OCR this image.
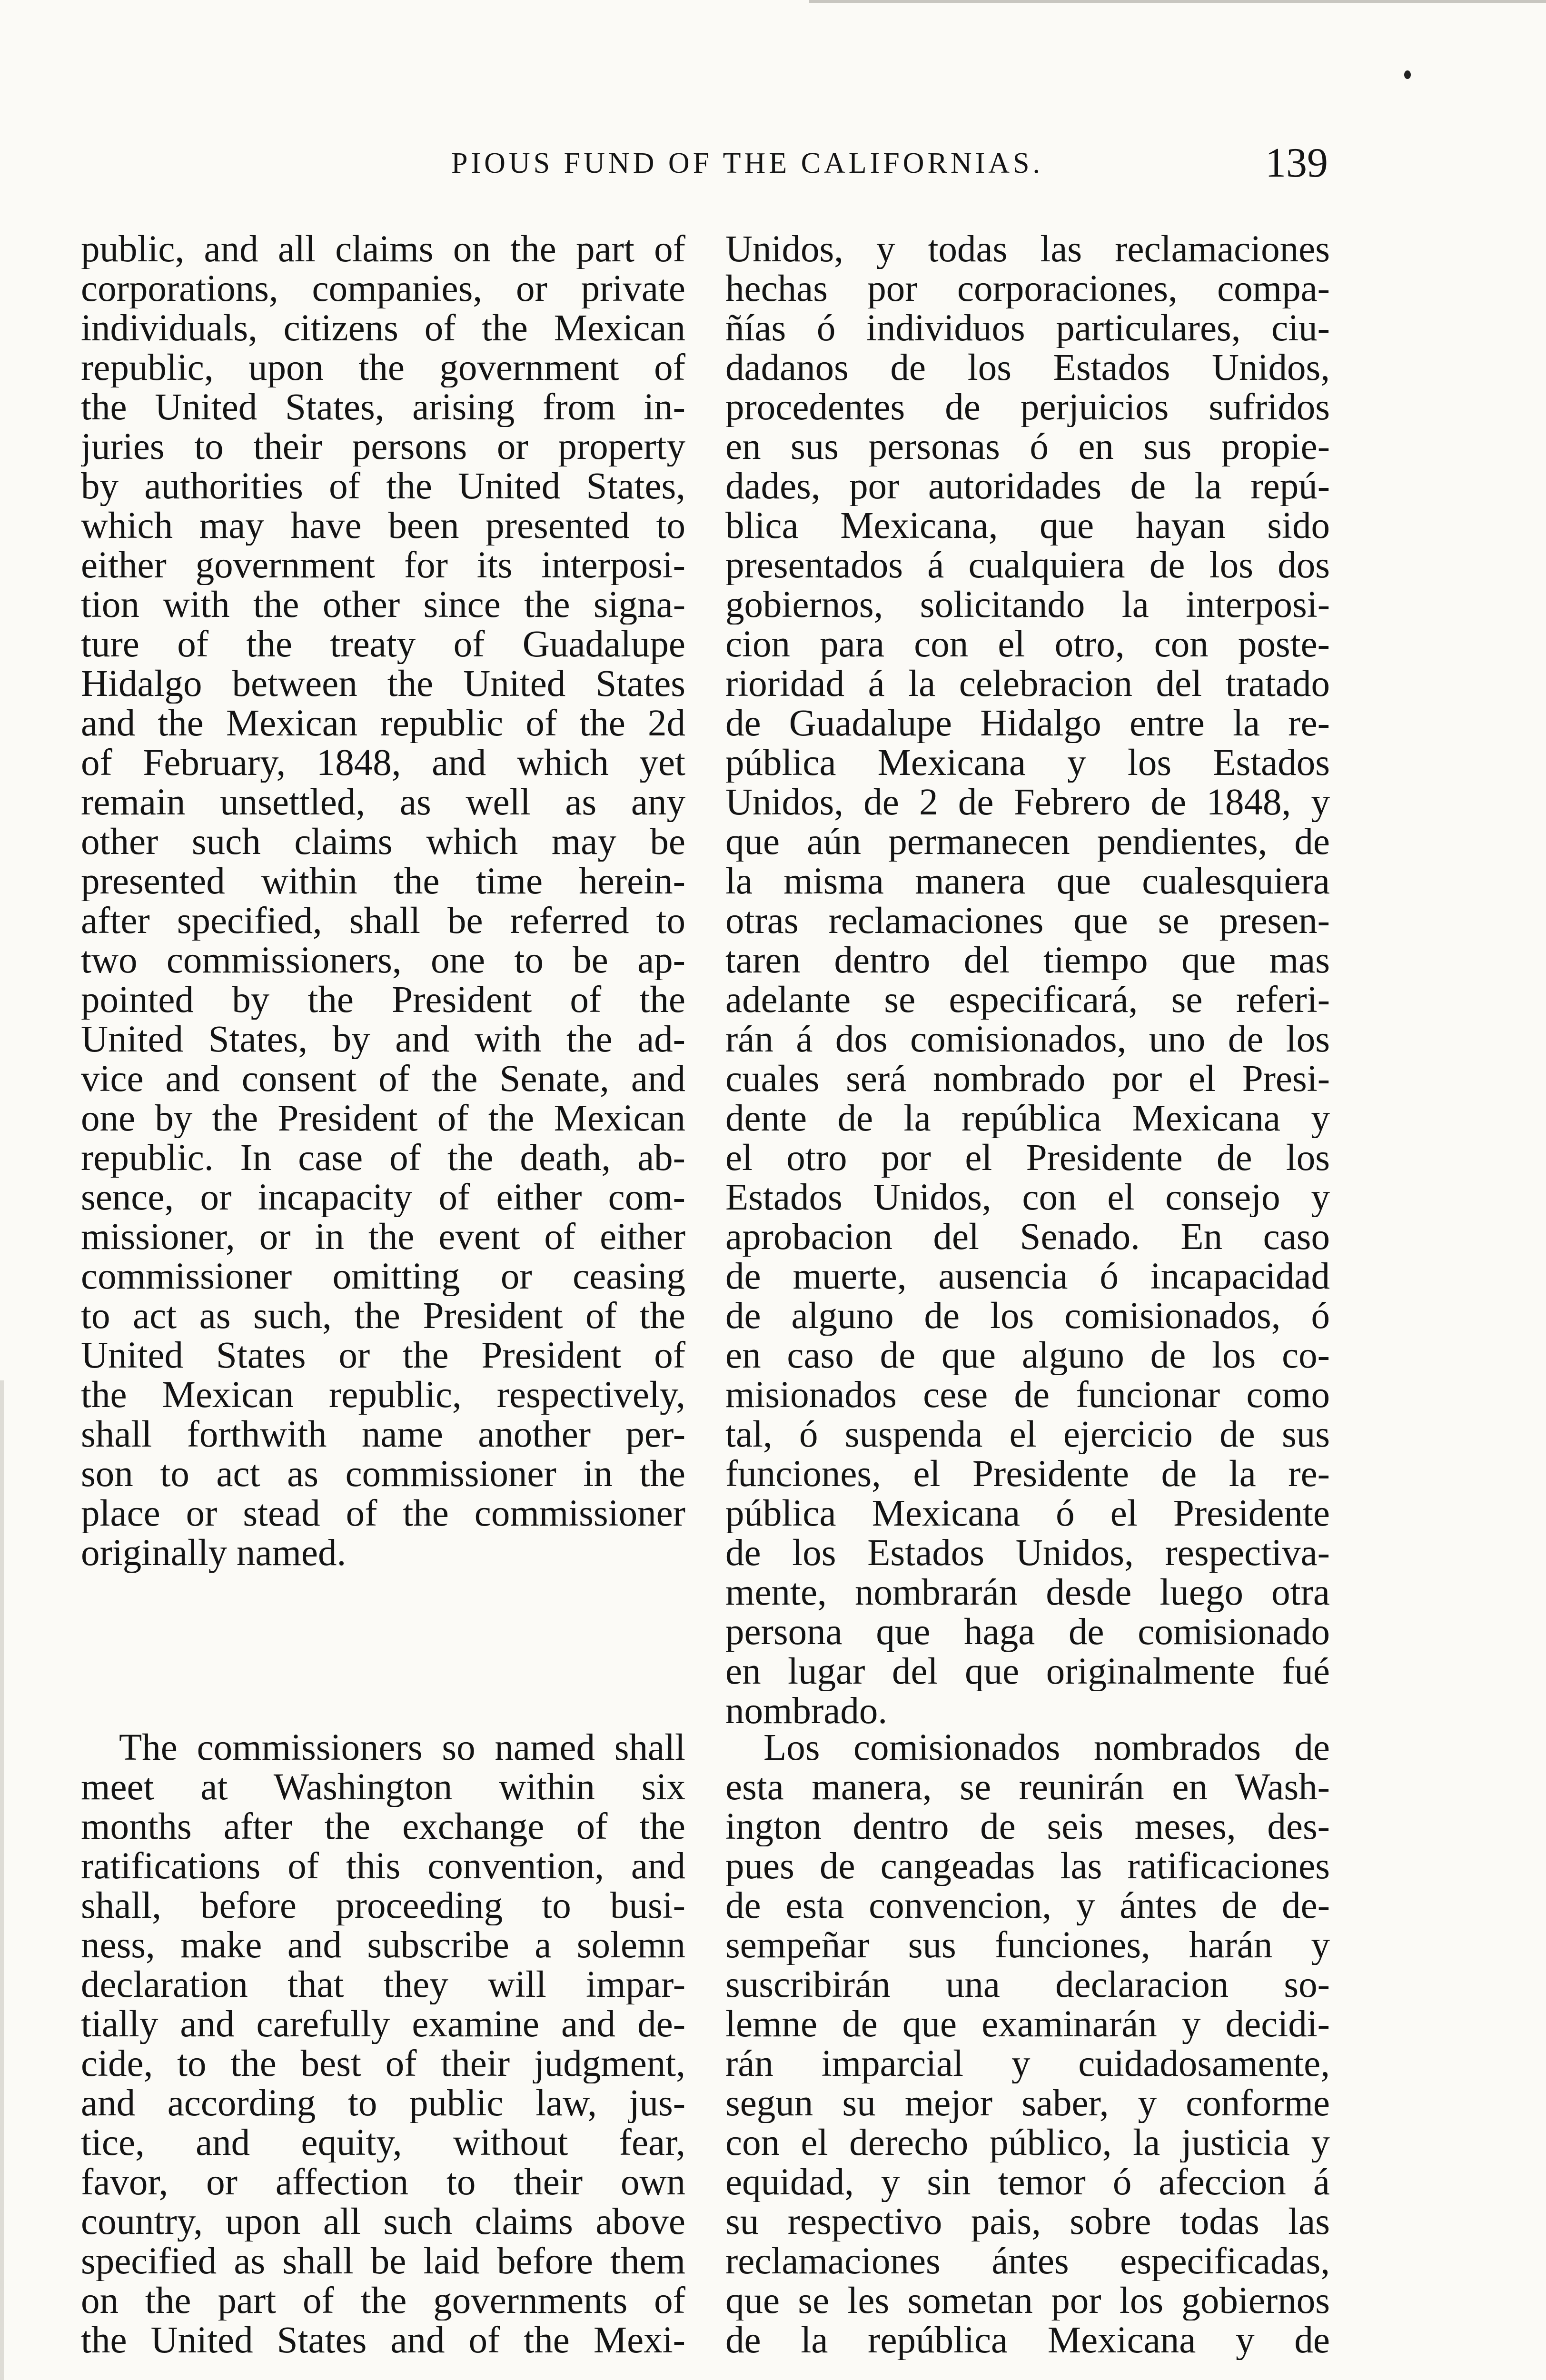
PIOUS FUND OF THE CALIFORNIAS.	139
public, and all claims on the part of
corporations, companies, or private
individuals, citizens of the Mexican
republic, upon the government of
the United States, arising from in-
juries to their persons or property
by authorities of the United States,
which may have been presented to
either government for its interposi-
tion with the other since the signa-
ture of the treaty of Guadalupe
Hidalgo between the United States
and the Mexican republic of the 2d
of February, 1848, and which yet
remain unsettled, as well as any
other such claims which may be
presented within the time herein-
after specified, shall be referred to
two commissioners, one to be ap-
pointed by the President of the
United States, by and with the ad-
vice and consent of the Senate, and
one by the President of the Mexican
republic. In case of the death, ab-
sence, or incapacity of either com-
missioner, or in the event of either
commissioner omitting or ceasing
to act as such, the President of the
United States or the President of
the Mexican republic, respectively,
shall forthwith name another per-
son to act as commissioner in the
place or stead of the commissioner
originally named.
The commissioners so named shall
meet at Washington within six
months after the exchange of the
ratifications of this convention, and
shall, before proceeding to busi-
ness, make and subscribe a solemn
declaration that they will impar-
tially and carefully examine and de-
cide, to the best of their judgment,
and according to public law, jus-
tice, and equity, without fear,
favor, or affection to their own
country, upon all such claims above
specified as shall be laid before them
on the part of the governments of
the United States and of the Mexi-
Unidos, y todas las reclamaciones
hechas por corporaciones, compa-
ñías ó individuos particulares, ciu-
dadanos de los Estados Unidos,
procedentes de perjuicios sufridos
en sus personas ó en sus propie-
dades, por autoridades de la repú-
blica Mexicana, que hayan sido
presentados á cualquiera de los dos
gobiernos, solicitando la interposi-
cion para con el otro, con poste-
rioridad á la celebracion del tratado
de Guadalupe Hidalgo entre la re-
pública Mexicana y los Estados
Unidos, de 2 de Febrero de 1848, y
que aún permanecen pendientes, de
la misma manera que cualesquiera
otras reclamaciones que se presen-
taren dentro del tiempo que mas
adelante se especificará, se referi-
rán á dos comisionados, uno de los
cuales será nombrado por el Presi-
dente de la república Mexicana y
el otro por el Presidente de los
Estados Unidos, con el consejo y
aprobacion del Senado. En caso
de muerte, ausencia ó incapacidad
de alguno de los comisionados, ó
en caso de que alguno de los co-
misionados cese de funcionar como
tal, ó suspenda el ejercicio de sus
funciones, el Presidente de la re-
pública Mexicana ó el Presidente
de los Estados Unidos, respectiva-
mente, nombrarán desde luego otra
persona que haga de comisionado
en lugar del que originalmente fué
nombrado.
Los comisionados nombrados de
esta manera, se reunirán en Wash-
ington dentro de seis meses, des-
pues de cangeadas las ratificaciones
de esta convencion, y ántes de de-
sempeñar sus funciones, harán y
suscribirán una declaracion so-
lemne de que examinarán y decidi-
rán imparcial y cuidadosamente,
segun su mejor saber, y conforme
con el derecho público, la justicia y
equidad, y sin temor ó afeccion á
su respectivo pais, sobre todas las
reclamaciones ántes especificadas,
que se les sometan por los gobiernos
de la república Mexicana y de
